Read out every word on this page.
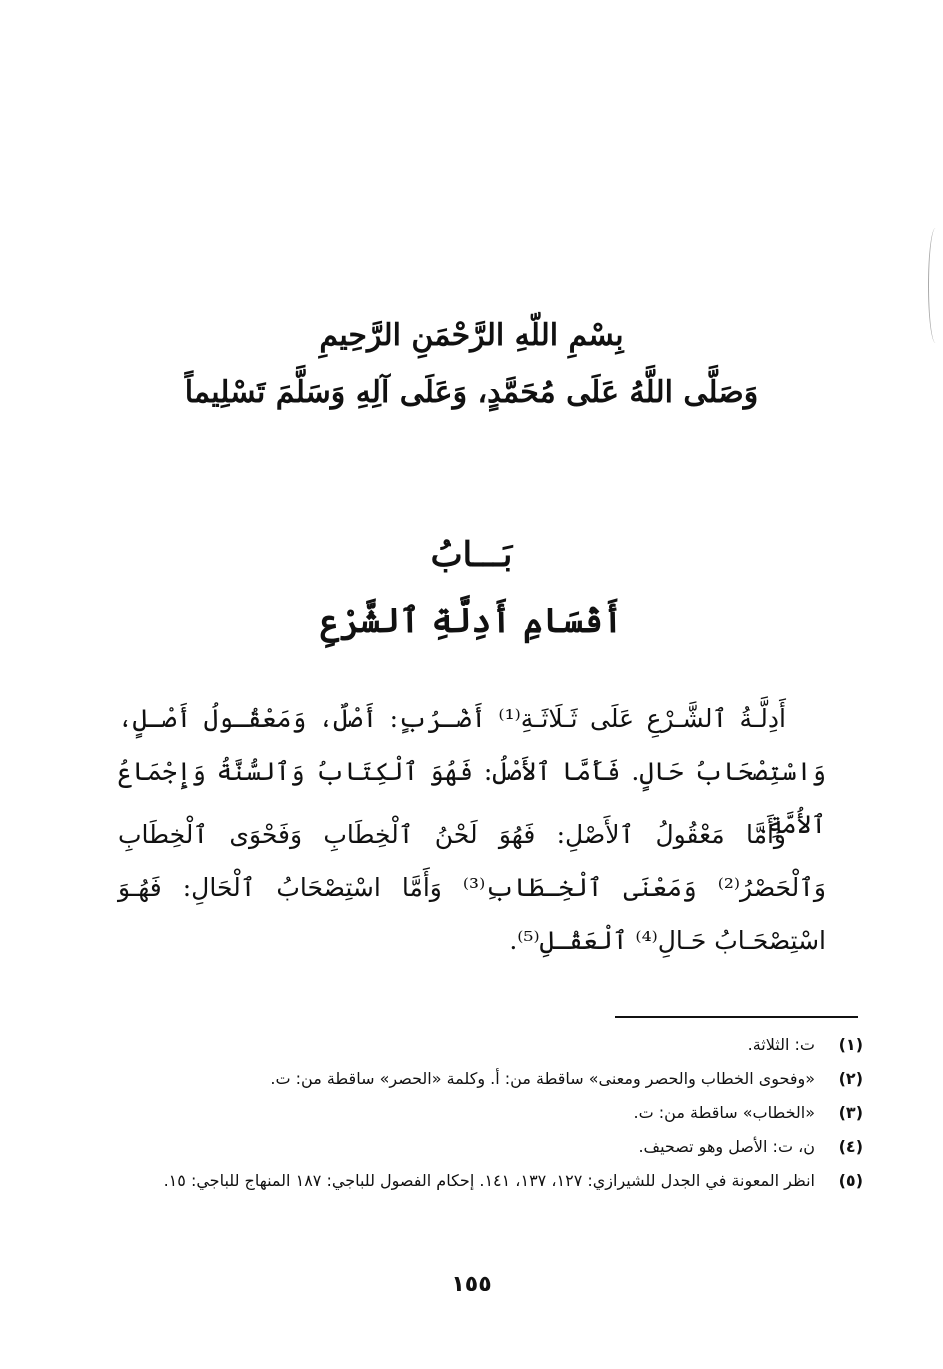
بِسْمِ اللّهِ الرَّحْمَنِ الرَّحِيمِ
وَصَلَّى اللَّهُ عَلَى مُحَمَّدٍ، وَعَلَى آلِهِ وَسَلَّمَ تَسْلِيماً
بَـــابُ
أَقْسَامِ أَدِلَّةِ ٱلشَّرْعِ

أَدِلَّـةُ ٱلشَّـرْعِ عَلَى ثَـلَاثَـةِ⁽¹⁾ أَضْـرُبٍ: أَصْلٌ، وَمَعْقُـولُ أَصْـلٍ، وَاسْتِصْحَابُ حَالٍ. فَأَمَّا ٱلأَصْلُ: فَهُوَ ٱلْكِتَابُ وَٱلسُّنَّةُ وَإِجْمَاعُ ٱلأُمَّةِ.

وَأَمَّا مَعْقُولُ ٱلأَصْلِ: فَهُوَ لَحْنُ ٱلْخِطَابِ وَفَحْوَى ٱلْخِطَابِ وَٱلْحَصْرُ⁽²⁾ وَمَعْنَى ٱلْخِـطَابِ⁽³⁾ وَأَمَّا اسْتِصْحَابُ ٱلْحَالِ: فَهُـوَ اسْتِصْحَـابُ حَـالِ⁽⁴⁾ ٱلْعَقْـلِ⁽⁵⁾.

(١)
ت: الثلاثة.
(٢)
«وفحوى الخطاب والحصر ومعنى» ساقطة من: أ. وكلمة «الحصر» ساقطة من: ت.
(٣)
«الخطاب» ساقطة من: ت.
(٤)
ن، ت: الأصل وهو تصحيف.
(٥)
انظر المعونة في الجدل للشيرازي: ١٢٧، ١٣٧، ١٤١. إحكام الفصول للباجي: ١٨٧ المنهاج للباجي: ١٥.
١٥٥
